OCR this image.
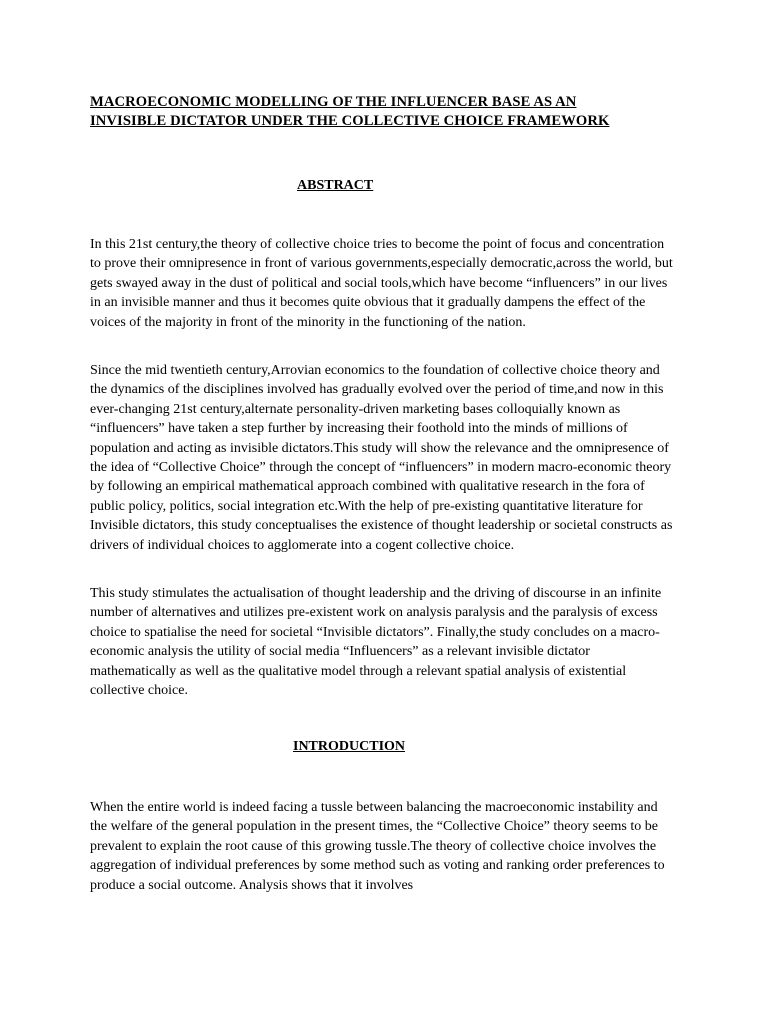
MACROECONOMIC MODELLING OF THE INFLUENCER BASE AS AN
INVISIBLE DICTATOR UNDER THE COLLECTIVE CHOICE FRAMEWORK
ABSTRACT

In this 21st century,the theory of collective choice tries to become the point of focus and concentration to prove their omnipresence in front of various governments,especially democratic,across the world, but gets swayed away in the dust of political and social tools,which have become “influencers” in our lives in an invisible manner and thus it becomes quite obvious that it gradually dampens the effect of the voices of the majority in front of the minority in the functioning of the nation.

Since the mid twentieth century,Arrovian economics to the foundation of collective choice theory and the dynamics of the disciplines involved has gradually evolved over the period of time,and now in this ever-changing 21st century,alternate personality-driven marketing bases colloquially known as “influencers” have taken a step further by increasing their foothold into the minds of millions of population and acting as invisible dictators.This study will show the relevance and the omnipresence of the idea of “Collective Choice” through the concept of “influencers” in modern macro-economic theory by following an empirical mathematical approach combined with qualitative research in the fora of public policy, politics, social integration etc.With the help of pre-existing quantitative literature for Invisible dictators, this study conceptualises the existence of thought leadership or societal constructs as drivers of individual choices to agglomerate into a cogent collective choice.

This study stimulates the actualisation of thought leadership and the driving of discourse in an infinite number of alternatives and utilizes pre-existent work on analysis paralysis and the paralysis of excess choice to spatialise the need for societal “Invisible dictators”. Finally,the study concludes on a macro-economic analysis the utility of social media “Influencers” as a relevant invisible dictator mathematically as well as the qualitative model through a relevant spatial analysis of existential collective choice.

INTRODUCTION

When the entire world is indeed facing a tussle between balancing the macroeconomic instability and the welfare of the general population in the present times, the “Collective Choice” theory seems to be prevalent to explain the root cause of this growing tussle.The theory of collective choice involves the aggregation of individual preferences by some method such as voting and ranking order preferences to produce a social outcome. Analysis shows that it involves
